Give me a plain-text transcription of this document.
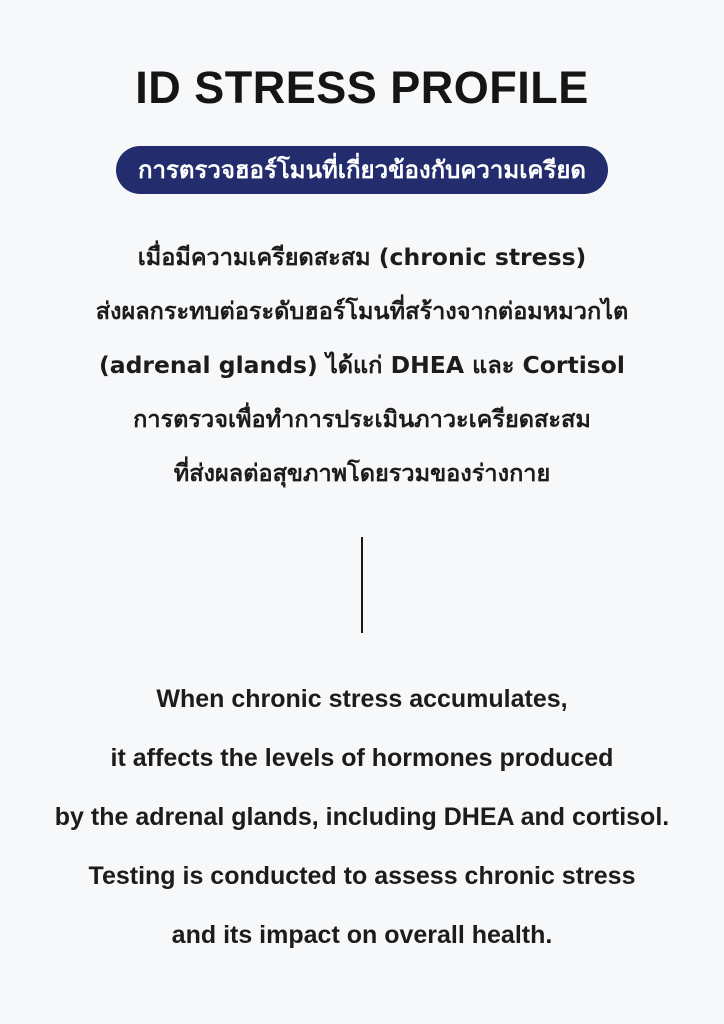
ID STRESS PROFILE
การตรวจฮอร์โมนที่เกี่ยวข้องกับความเครียด
เมื่อมีความเครียดสะสม (chronic stress)
ส่งผลกระทบต่อระดับฮอร์โมนที่สร้างจากต่อมหมวกไต
(adrenal glands) ได้แก่ DHEA และ Cortisol
การตรวจเพื่อทำการประเมินภาวะเครียดสะสม
ที่ส่งผลต่อสุขภาพโดยรวมของร่างกาย
When chronic stress accumulates,
it affects the levels of hormones produced
by the adrenal glands, including DHEA and cortisol.
Testing is conducted to assess chronic stress
and its impact on overall health.
